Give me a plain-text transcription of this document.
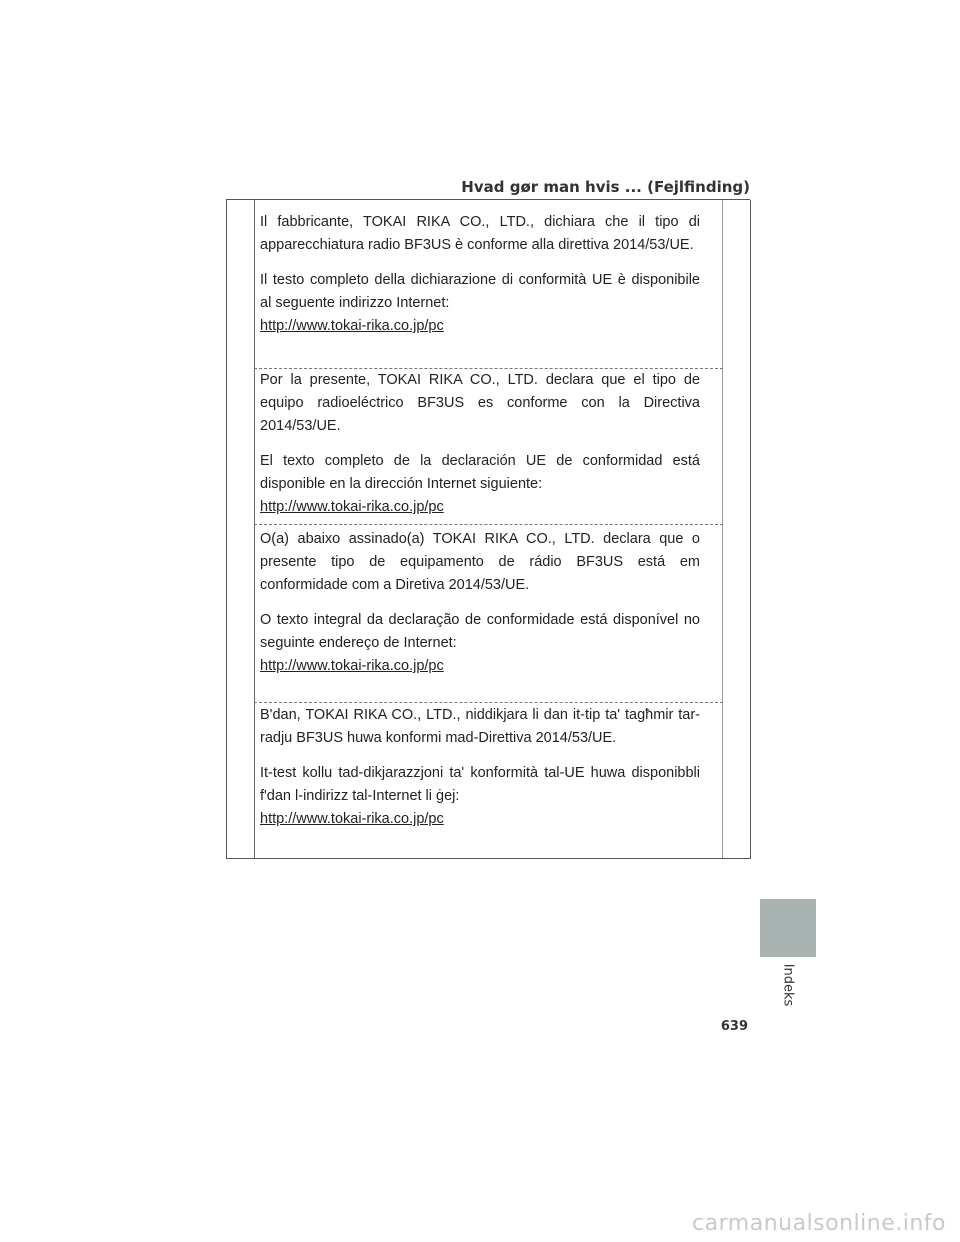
Hvad gør man hvis ... (Fejlfinding)

Il fabbricante, TOKAI RIKA CO., LTD., dichiara che il tipo di apparecchiatura radio BF3US è conforme alla direttiva 2014/53/UE.

Il testo completo della dichiarazione di conformità UE è disponibile al seguente indirizzo Internet:

http://www.tokai-rika.co.jp/pc

Por la presente, TOKAI RIKA CO., LTD. declara que el tipo de equipo radioeléctrico BF3US es conforme con la Directiva 2014/53/UE.

El texto completo de la declaración UE de conformidad está disponible en la dirección Internet siguiente:

http://www.tokai-rika.co.jp/pc

O(a) abaixo assinado(a) TOKAI RIKA CO., LTD. declara que o presente tipo de equipamento de rádio BF3US está em conformidade com a Diretiva 2014/53/UE.

O texto integral da declaração de conformidade está disponível no seguinte endereço de Internet:

http://www.tokai-rika.co.jp/pc

B'dan, TOKAI RIKA CO., LTD., niddikjara li dan it-tip ta' tagħmir tar-radju BF3US huwa konformi mad-Direttiva 2014/53/UE.

It-test kollu tad-dikjarazzjoni ta' konformità tal-UE huwa disponibbli f'dan l-indirizz tal-Internet li ġej:

http://www.tokai-rika.co.jp/pc

Indeks
639
carmanualsonline.info
